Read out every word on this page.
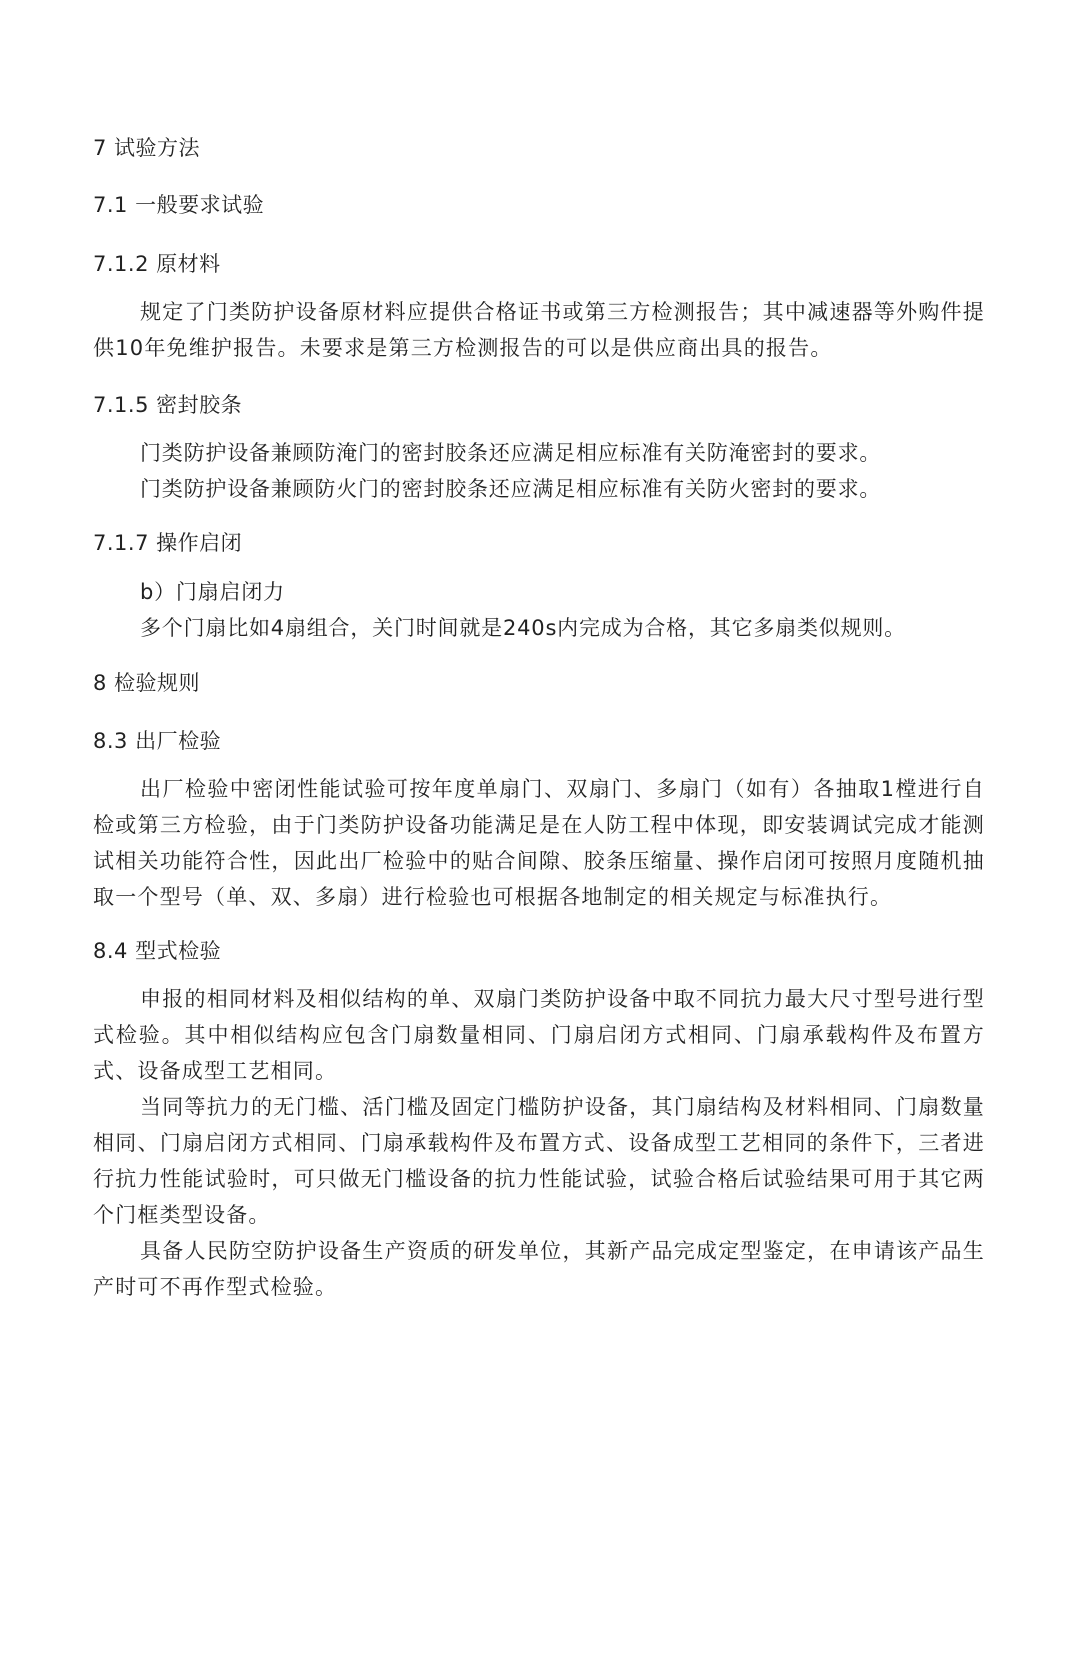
7 试验方法
7.1 一般要求试验
7.1.2 原材料
规定了门类防护设备原材料应提供合格证书或第三方检测报告；其中减速器等外购件提供10年免维护报告。未要求是第三方检测报告的可以是供应商出具的报告。
7.1.5 密封胶条
门类防护设备兼顾防淹门的密封胶条还应满足相应标准有关防淹密封的要求。
门类防护设备兼顾防火门的密封胶条还应满足相应标准有关防火密封的要求。
7.1.7 操作启闭
b）门扇启闭力
多个门扇比如4扇组合，关门时间就是240s内完成为合格，其它多扇类似规则。
8 检验规则
8.3 出厂检验
出厂检验中密闭性能试验可按年度单扇门、双扇门、多扇门（如有）各抽取1樘进行自检或第三方检验，由于门类防护设备功能满足是在人防工程中体现，即安装调试完成才能测试相关功能符合性，因此出厂检验中的贴合间隙、胶条压缩量、操作启闭可按照月度随机抽取一个型号（单、双、多扇）进行检验也可根据各地制定的相关规定与标准执行。
8.4 型式检验
申报的相同材料及相似结构的单、双扇门类防护设备中取不同抗力最大尺寸型号进行型式检验。其中相似结构应包含门扇数量相同、门扇启闭方式相同、门扇承载构件及布置方式、设备成型工艺相同。
当同等抗力的无门槛、活门槛及固定门槛防护设备，其门扇结构及材料相同、门扇数量相同、门扇启闭方式相同、门扇承载构件及布置方式、设备成型工艺相同的条件下，三者进行抗力性能试验时，可只做无门槛设备的抗力性能试验，试验合格后试验结果可用于其它两个门框类型设备。
具备人民防空防护设备生产资质的研发单位，其新产品完成定型鉴定，在申请该产品生产时可不再作型式检验。
